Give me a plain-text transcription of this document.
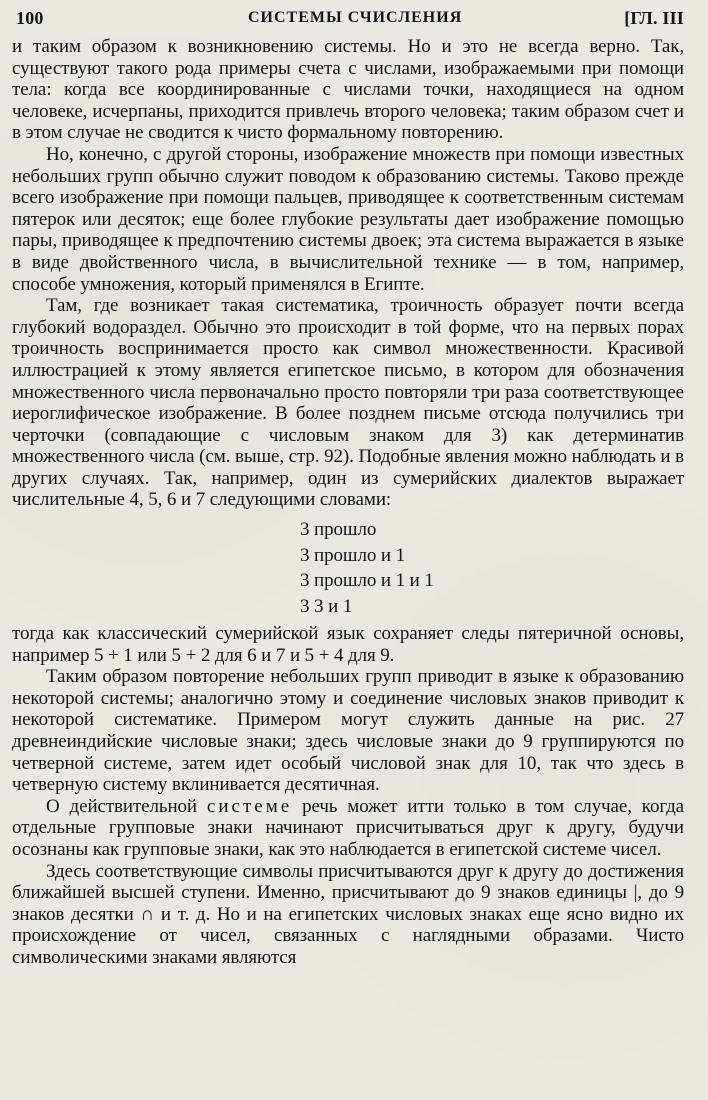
100	СИСТЕМЫ СЧИСЛЕНИЯ	[ГЛ. III

и таким образом к возникновению системы. Но и это не всегда верно. Так, существуют такого рода примеры счета с числами, изображаемыми при помощи тела: когда все координированные с числами точки, находящиеся на одном человеке, исчерпаны, приходится привлечь второго человека; таким образом счет и в этом случае не сводится к чисто формальному повторению.

Но, конечно, с другой стороны, изображение множеств при помощи известных небольших групп обычно служит поводом к образованию системы. Таково прежде всего изображение при помощи пальцев, приводящее к соответственным системам пятерок или десяток; еще более глубокие результаты дает изображение помощью пары, приводящее к предпочтению системы двоек; эта система выражается в языке в виде двойственного числа, в вычислительной технике — в том, например, способе умножения, который применялся в Египте.

Там, где возникает такая систематика, троичность образует почти всегда глубокий водораздел. Обычно это происходит в той форме, что на первых порах троичность воспринимается просто как символ множественности. Красивой иллюстрацией к этому является египетское письмо, в котором для обозначения множественного числа первоначально просто повторяли три раза соответствующее иероглифическое изображение. В более позднем письме отсюда получились три черточки (совпадающие с числовым знаком для 3) как детерминатив множественного числа (см. выше, стр. 92). Подобные явления можно наблюдать и в других случаях. Так, например, один из сумерийских диалектов выражает числительные 4, 5, 6 и 7 следующими словами:

3 прошло
3 прошло и 1
3 прошло и 1 и 1
3 3 и 1

тогда как классический сумерийской язык сохраняет следы пятеричной основы, например 5 + 1 или 5 + 2 для 6 и 7 и 5 + 4 для 9.

Таким образом повторение небольших групп приводит в языке к образованию некоторой системы; аналогично этому и соединение числовых знаков приводит к некоторой систематике. Примером могут служить данные на рис. 27 древнеиндийские числовые знаки; здесь числовые знаки до 9 группируются по четверной системе, затем идет особый числовой знак для 10, так что здесь в четверную систему вклинивается десятичная.

О действительной системе речь может итти только в том случае, когда отдельные групповые знаки начинают присчитываться друг к другу, будучи осознаны как групповые знаки, как это наблюдается в египетской системе чисел.

Здесь соответствующие символы присчитываются друг к другу до достижения ближайшей высшей ступени. Именно, присчитывают до 9 знаков единицы |, до 9 знаков десятки ∩ и т. д. Но и на египетских числовых знаках еще ясно видно их происхождение от чисел, связанных с наглядными образами. Чисто символическими знаками являются
